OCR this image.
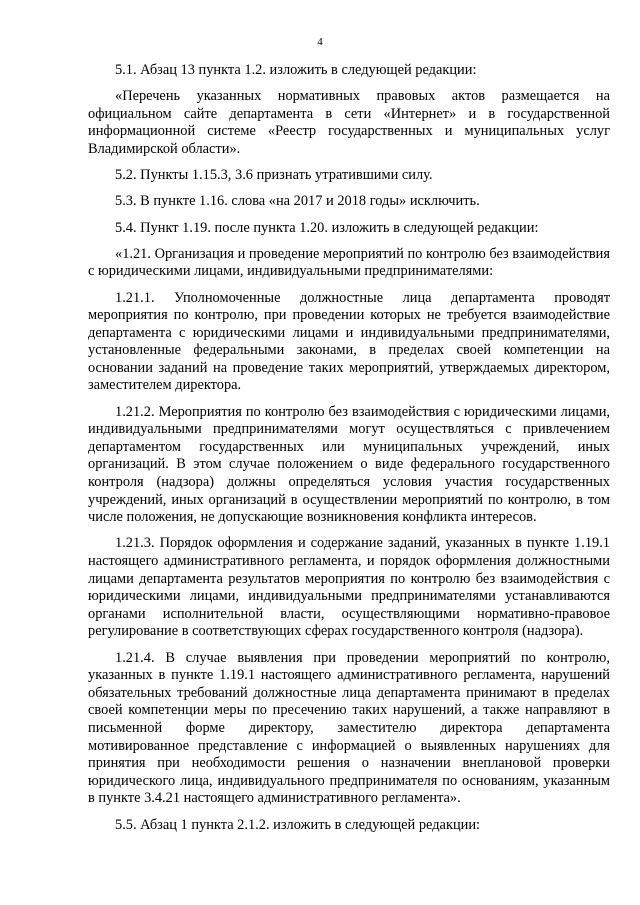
4

5.1. Абзац 13 пункта 1.2. изложить в следующей редакции:

«Перечень указанных нормативных правовых актов размещается на официальном сайте департамента в сети «Интернет» и в государственной информационной системе «Реестр государственных и муниципальных услуг Владимирской области».

5.2. Пункты 1.15.3, 3.6 признать утратившими силу.

5.3. В пункте 1.16. слова «на 2017 и 2018 годы» исключить.

5.4. Пункт 1.19. после пункта 1.20. изложить в следующей редакции:

«1.21. Организация и проведение мероприятий по контролю без взаимодействия с юридическими лицами, индивидуальными предпринимателями:

1.21.1. Уполномоченные должностные лица департамента проводят мероприятия по контролю, при проведении которых не требуется взаимодействие департамента с юридическими лицами и индивидуальными предпринимателями, установленные федеральными законами, в пределах своей компетенции на основании заданий на проведение таких мероприятий, утверждаемых директором, заместителем директора.

1.21.2. Мероприятия по контролю без взаимодействия с юридическими лицами, индивидуальными предпринимателями могут осуществляться с привлечением департаментом государственных или муниципальных учреждений, иных организаций. В этом случае положением о виде федерального государственного контроля (надзора) должны определяться условия участия государственных учреждений, иных организаций в осуществлении мероприятий по контролю, в том числе положения, не допускающие возникновения конфликта интересов.

1.21.3. Порядок оформления и содержание заданий, указанных в пункте 1.19.1 настоящего административного регламента, и порядок оформления должностными лицами департамента результатов мероприятия по контролю без взаимодействия с юридическими лицами, индивидуальными предпринимателями устанавливаются органами исполнительной власти, осуществляющими нормативно-правовое регулирование в соответствующих сферах государственного контроля (надзора).

1.21.4. В случае выявления при проведении мероприятий по контролю, указанных в пункте 1.19.1 настоящего административного регламента, нарушений обязательных требований должностные лица департамента принимают в пределах своей компетенции меры по пресечению таких нарушений, а также направляют в письменной форме директору, заместителю директора департамента мотивированное представление с информацией о выявленных нарушениях для принятия при необходимости решения о назначении внеплановой проверки юридического лица, индивидуального предпринимателя по основаниям, указанным в пункте 3.4.21 настоящего административного регламента».

5.5. Абзац 1 пункта 2.1.2. изложить в следующей редакции:
